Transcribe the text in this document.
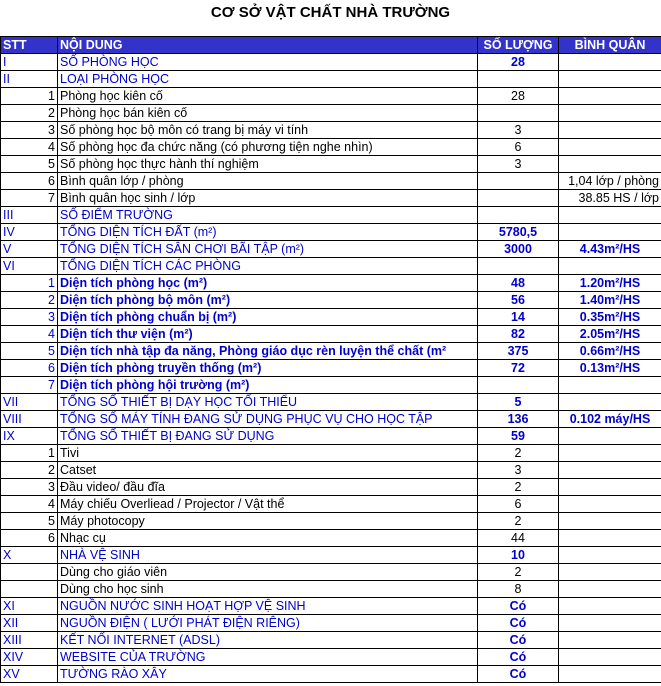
CƠ SỞ VẬT CHẤT NHÀ TRƯỜNG
STT	NỘI DUNG	SỐ LƯỢNG	BÌNH QUÂN
I	SỐ PHÒNG HỌC	28	
II	LOẠI PHÒNG HỌC		
1	Phòng học kiên cố	28	
2	Phòng học bán kiên cố		
3	Số phòng học bộ môn có trang bị máy vi tính	3	
4	Số phòng học đa chức năng (có phương tiện nghe nhìn)	6	
5	Số phòng học thực hành thí nghiệm	3	
6	Bình quân lớp / phòng		1,04 lớp / phòng
7	Bình quân học sinh / lớp		38.85 HS / lớp
III	SỐ ĐIỂM TRƯỜNG		
IV	TỔNG DIỆN TÍCH ĐẤT (m²)	5780,5	
V	TỔNG DIỆN TÍCH SÂN CHƠI BÃI TẬP (m²)	3000	4.43m²/HS
VI	TỔNG DIỆN TÍCH CÁC PHÒNG		
1	Diện tích phòng học (m²)	48	1.20m²/HS
2	Diện tích phòng bộ môn (m²)	56	1.40m²/HS
3	Diện tích phòng chuẩn bị (m²)	14	0.35m²/HS
4	Diện tích thư viện (m²)	82	2.05m²/HS
5	Diện tích nhà tập đa năng, Phòng giáo dục rèn luyện thể chất (m²	375	0.66m²/HS
6	Diện tích phòng truyền thống (m²)	72	0.13m²/HS
7	Diện tích phòng hội trường (m²)		
VII	TỔNG SỐ THIẾT BỊ DẠY HỌC TỐI THIỂU	5	
VIII	TỔNG SỐ MÁY TÍNH ĐANG SỬ DỤNG PHỤC VỤ CHO HỌC TẬP	136	0.102 máy/HS
IX	TỔNG SỐ THIẾT BỊ ĐANG SỬ DỤNG	59	
1	Tivi	2	
2	Catset	3	
3	Đầu video/ đầu đĩa	2	
4	Máy chiếu Overliead / Projector / Vật thể	6	
5	Máy photocopy	2	
6	Nhạc cụ	44	
X	NHÀ VỆ SINH	10	
	Dùng cho giáo viên	2	
	Dùng cho học sinh	8	
XI	NGUỒN NƯỚC SINH HOẠT HỢP VỆ SINH	Có	
XII	NGUỒN ĐIỆN ( LƯỚI PHÁT ĐIỆN RIÊNG)	Có	
XIII	KẾT NỐI INTERNET (ADSL)	Có	
XIV	WEBSITE CỦA TRƯỜNG	Có	
XV	TƯỜNG RÀO XÂY	Có	
